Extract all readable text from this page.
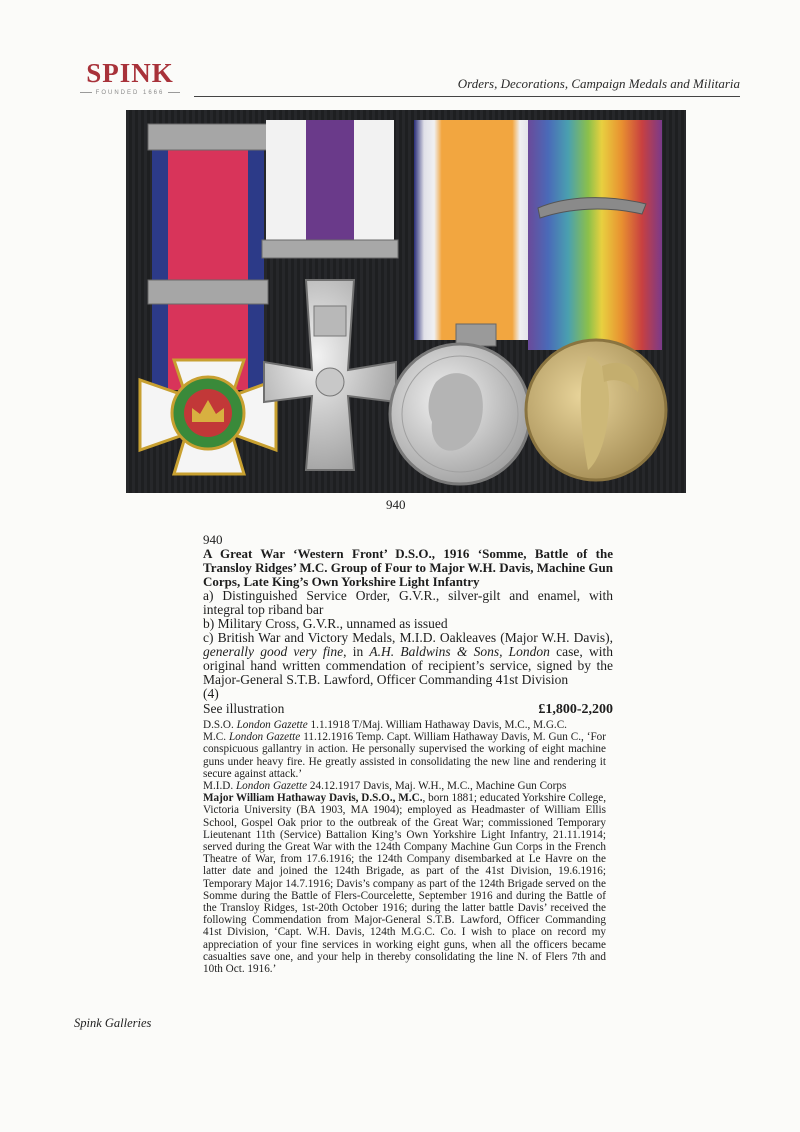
SPINK
FOUNDED 1666
Orders, Decorations, Campaign Medals and Militaria
940
940
A Great War ‘Western Front’ D.S.O., 1916 ‘Somme, Battle of the Transloy Ridges’ M.C. Group of Four to Major W.H. Davis, Machine Gun Corps, Late King’s Own Yorkshire Light Infantry
a) Distinguished Service Order, G.V.R., silver-gilt and enamel, with integral top riband bar
b) Military Cross, G.V.R., unnamed as issued
c) British War and Victory Medals, M.I.D. Oakleaves (Major W.H. Davis), generally good very fine, in A.H. Baldwins & Sons, London case, with original hand written commendation of recipient’s service, signed by the Major-General S.T.B. Lawford, Officer Commanding 41st Division
(4)
See illustration	£1,800-2,200

D.S.O. London Gazette 1.1.1918 T/Maj. William Hathaway Davis, M.C., M.G.C.

M.C. London Gazette 11.12.1916 Temp. Capt. William Hathaway Davis, M. Gun C., ‘For conspicuous gallantry in action. He personally supervised the working of eight machine guns under heavy fire. He greatly assisted in consolidating the new line and rendering it secure against attack.’

M.I.D. London Gazette 24.12.1917 Davis, Maj. W.H., M.C., Machine Gun Corps

Major William Hathaway Davis, D.S.O., M.C., born 1881; educated Yorkshire College, Victoria University (BA 1903, MA 1904); employed as Headmaster of William Ellis School, Gospel Oak prior to the outbreak of the Great War; commissioned Temporary Lieutenant 11th (Service) Battalion King’s Own Yorkshire Light Infantry, 21.11.1914; served during the Great War with the 124th Company Machine Gun Corps in the French Theatre of War, from 17.6.1916; the 124th Company disembarked at Le Havre on the latter date and joined the 124th Brigade, as part of the 41st Division, 19.6.1916; Temporary Major 14.7.1916; Davis’s company as part of the 124th Brigade served on the Somme during the Battle of Flers-Courcelette, September 1916 and during the Battle of the Transloy Ridges, 1st-20th October 1916; during the latter battle Davis’ received the following Commendation from Major-General S.T.B. Lawford, Officer Commanding 41st Division, ‘Capt. W.H. Davis, 124th M.G.C. Co. I wish to place on record my appreciation of your fine services in working eight guns, when all the officers became casualties save one, and your help in thereby consolidating the line N. of Flers 7th and 10th Oct. 1916.’

Spink Galleries
